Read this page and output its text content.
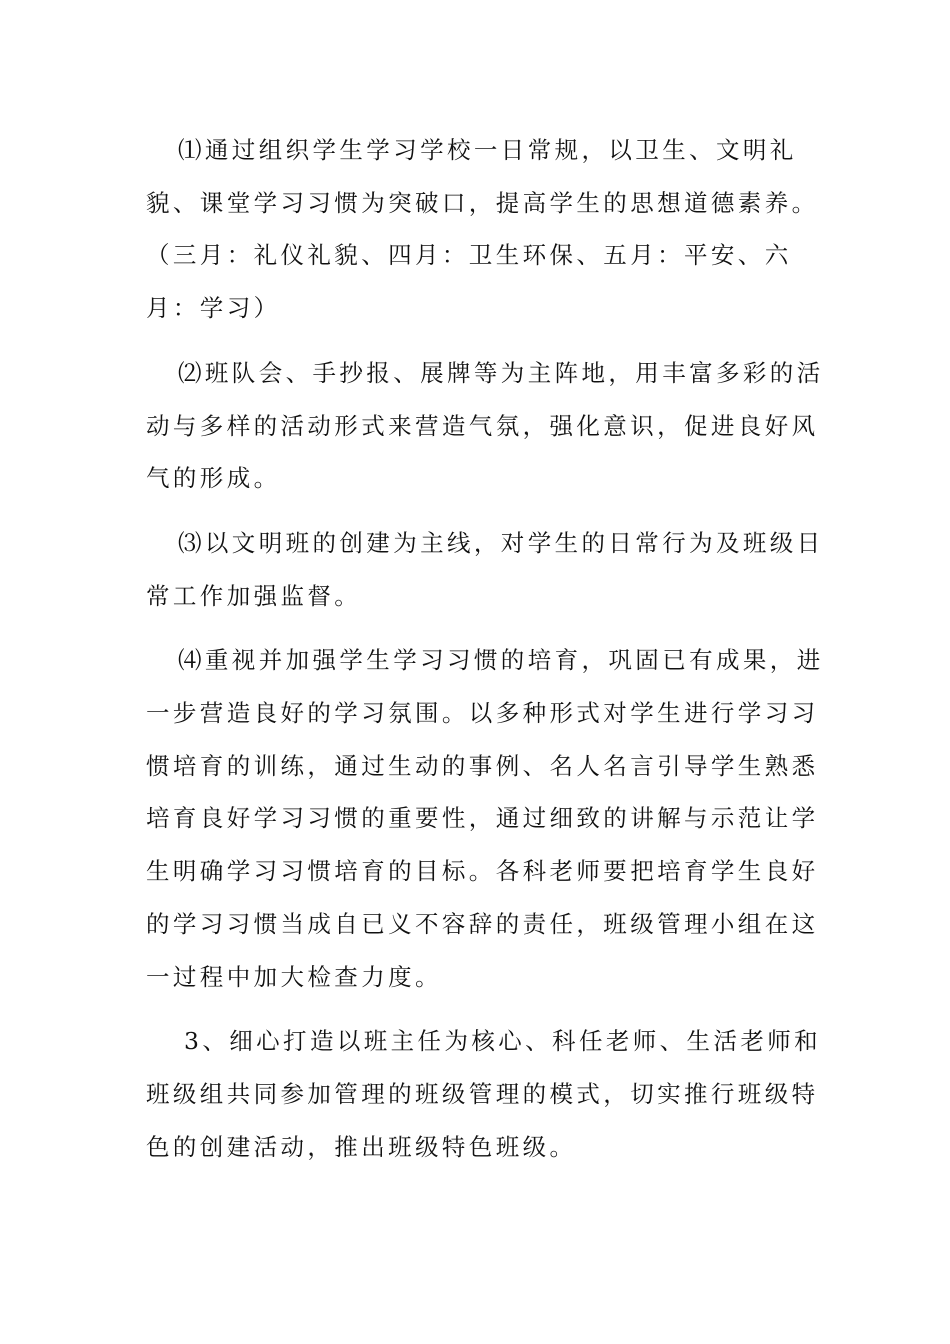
⑴通过组织学生学习学校一日常规，以卫生、文明礼貌、课堂学习习惯为突破口，提高学生的思想道德素养。（三月：礼仪礼貌、四月：卫生环保、五月：平安、六月：学习）

⑵班队会、手抄报、展牌等为主阵地，用丰富多彩的活动与多样的活动形式来营造气氛，强化意识，促进良好风气的形成。

⑶以文明班的创建为主线，对学生的日常行为及班级日常工作加强监督。

⑷重视并加强学生学习习惯的培育，巩固已有成果，进一步营造良好的学习氛围。以多种形式对学生进行学习习惯培育的训练，通过生动的事例、名人名言引导学生熟悉培育良好学习习惯的重要性，通过细致的讲解与示范让学生明确学习习惯培育的目标。各科老师要把培育学生良好的学习习惯当成自已义不容辞的责任，班级管理小组在这一过程中加大检查力度。

3、细心打造以班主任为核心、科任老师、生活老师和班级组共同参加管理的班级管理的模式，切实推行班级特色的创建活动，推出班级特色班级。
